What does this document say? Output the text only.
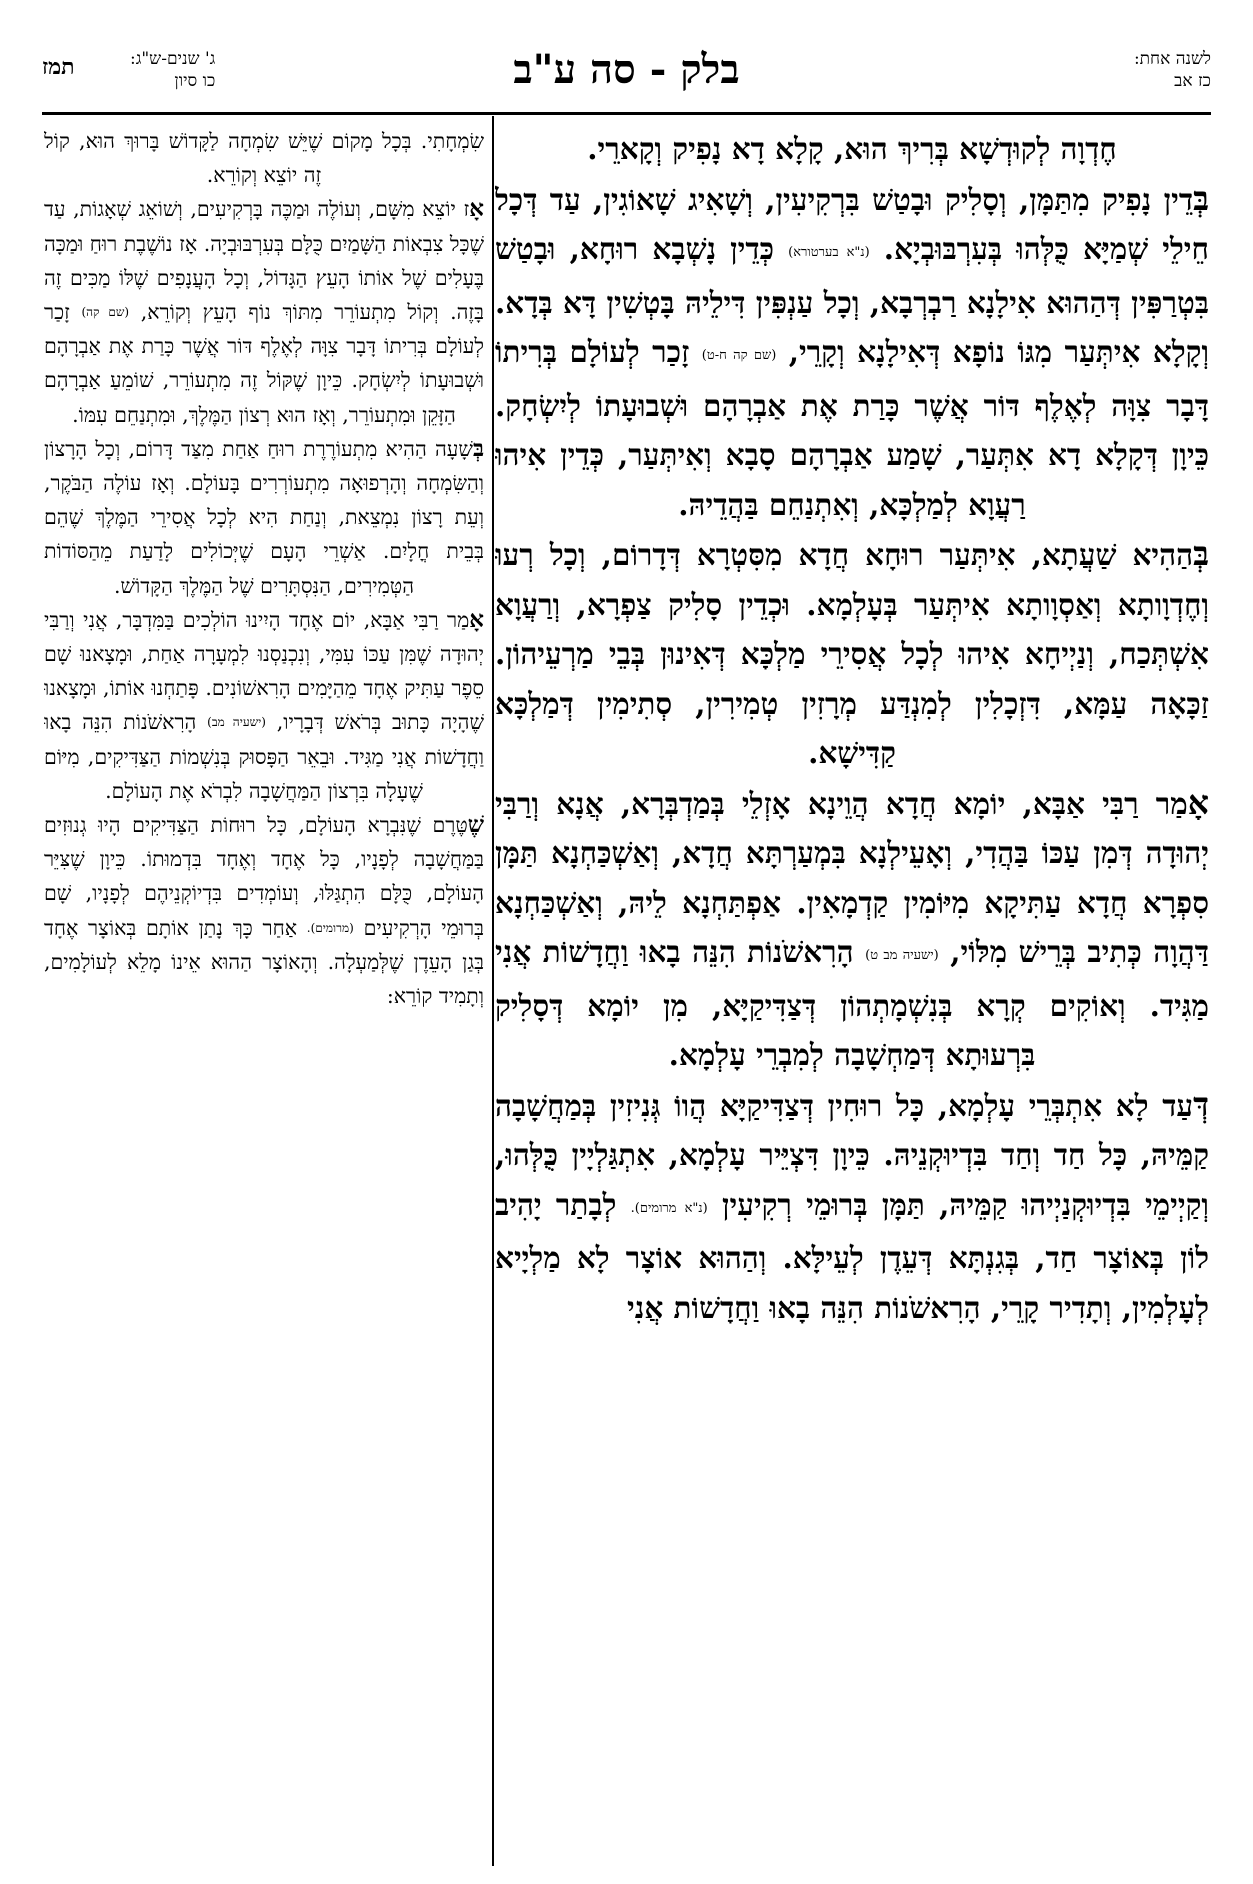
לשנה אחת:
כז אב
בלק - סה ע"ב
ג' שנים-ש"ג:
כו סיון
תמז

חֶדְוָה לְקוּדְשָׁא בְּרִיךְ הוּא, קָלָא דָא נָפִיק וְקָארֵי.

בְּדֵין נָפִיק מִתַּמָּן, וְסָלִיק וּבָטַשׁ בִּרְקִיעִין, וְשָׁאִיג שָׁאוֹגִין, עַד דְּכָל חֵילֵי שְׁמַיָּא כֻּלְּהוּ בְּעִרְבּוּבְיָא. (נ"א בערטורא) כְּדֵין נָשְׁבָא רוּחָא, וּבָטַשׁ בִּטְרַפִּין דְּהַהוּא אִילָנָא רַבְרְבָא, וְכָל עַנְפִּין דִּילֵיהּ בָּטְשִׁין דָּא בְּדָא. וְקָלָא אִיתְּעַר מִגּוֹ נוֹפָא דְּאִילָנָא וְקָרֵי, (שם קה ח-ט) זָכַר לְעוֹלָם בְּרִיתוֹ דָּבָר צִוָּה לְאֶלֶף דּוֹר אֲשֶׁר כָּרַת אֶת אַבְרָהָם וּשְׁבוּעָתוֹ לְיִשְׂחָק. כֵּיוָן דְּקָלָא דָא אִתְּעַר, שָׁמַע אַבְרָהָם סָבָא וְאִיתְּעַר, כְּדֵין אִיהוּ רַעֲוָא לְמַלְכָּא, וְאִתְנַחֵם בַּהֲדֵיהּ.

בְּהַהִיא שַׁעֲתָא, אִיתְּעַר רוּחָא חֲדָא מִסִּטְרָא דְּדָרוֹם, וְכָל רְעוּ וְחֶדְוָותָא וְאַסְוָותָא אִיתְּעַר בְּעָלְמָא. וּכְדֵין סָלִיק צַפְרָא, וְרַעֲוָא אִשְׁתְּכַח, וְנַיְיחָא אִיהוּ לְכָל אֲסִירֵי מַלְכָּא דְּאִינוּן בְּבֵי מַרְעֵיהוֹן. זַכָּאָה עַמָּא, דִּזְכָלִין לְמִנְדַּע מְרָזִין טְמִירִין, סְתִימִין דְּמַלְכָּא קַדִּישָׁא.

אָמַר רַבִּי אַבָּא, יוֹמָא חֲדָא הֲוֵינָא אָזְלֵי בְּמַדְבְּרָא, אֲנָא וְרַבִּי יְהוּדָה דְּמִן עַכּוֹ בַּהֲדִי, וְאָעֵילְנָא בִּמְעַרְתָּא חֲדָא, וְאַשְׁכַּחְנָא תַּמָּן סִפְרָא חֲדָא עַתִּיקָא מִיּוֹמִין קַדְמָאִין. אַפְתַּחְנָא לֵיהּ, וְאַשְׁכַּחְנָא דַּהֲוָה כְּתִיב בְּרֵישׁ מִלּוֹי, (ישעיה מב ט) הָרִאשֹׁנוֹת הִנֵּה בָאוּ וַחֲדָשׁוֹת אֲנִי מַגִּיד. וְאוֹקִים קְרָא בְּנִשְׁמָתְהוֹן דְּצַדִּיקַיָּא, מִן יוֹמָא דְּסָלִיק בִּרְעוּתָא דְּמַחְשָׁבָה לְמִבְרֵי עָלְמָא.

דְּעַד לָא אִתְבְּרֵי עָלְמָא, כָּל רוּחִין דְּצַדִּיקַיָּא הֲווֹ גְּנִיזִין בְּמַחֲשָׁבָה קַמֵּיהּ, כָּל חַד וְחַד בִּדְיוּקְנֵיהּ. כֵּיוָן דִּצְיֵּיר עָלְמָא, אִתְגַּלְיָין כֻּלְּהוּ, וְקַיְימֵי בִּדְיוּקְנַיְיהוּ קַמֵּיהּ, תַּמָּן בְּרוּמֵי רְקִיעִין (נ"א מרומים). לְבָתַר יָהִיב לוֹן בְּאוֹצָר חַד, בְּגִנְתָּא דְּעֵדֶן לְעֵילָּא. וְהַהוּא אוֹצָר לָא מַלְיָיא לְעָלְמִין, וְתָדִיר קָרֵי, הָרִאשֹׁנוֹת הִנֵּה בָאוּ וַחֲדָשׁוֹת אֲנִי

שִׂמְחָתִי. בְּכָל מָקוֹם שֶׁיֵּשׁ שִׂמְחָה לַקָּדוֹשׁ בָּרוּךְ הוּא, קוֹל זֶה יוֹצֵא וְקוֹרֵא.

אָז יוֹצֵא מִשָּׁם, וְעוֹלֶה וּמַכֶּה בָּרְקִיעִים, וְשׁוֹאֵג שְׁאָגוֹת, עַד שֶׁכָּל צִבְאוֹת הַשָּׁמַיִם כֻּלָּם בְּעִרְבּוּבְיָה. אָז נוֹשֶׁבֶת רוּחַ וּמַכָּה בֶּעָלִים שֶׁל אוֹתוֹ הָעֵץ הַגָּדוֹל, וְכָל הָעֲנָפִים שֶׁלּוֹ מַכִּים זֶה בָּזֶה. וְקוֹל מִתְעוֹרֵר מִתּוֹךְ נוֹף הָעֵץ וְקוֹרֵא, (שם קה) זָכַר לְעוֹלָם בְּרִיתוֹ דָּבָר צִוָּה לְאֶלֶף דּוֹר אֲשֶׁר כָּרַת אֶת אַבְרָהָם וּשְׁבוּעָתוֹ לְיִשְׂחָק. כֵּיוָן שֶׁקּוֹל זֶה מִתְעוֹרֵר, שׁוֹמֵעַ אַבְרָהָם הַזָּקֵן וּמִתְעוֹרֵר, וְאָז הוּא רְצוֹן הַמֶּלֶךְ, וּמִתְנַחֵם עִמּוֹ.

בְּשָׁעָה הַהִיא מִתְעוֹרֶרֶת רוּחַ אַחַת מִצַּד דָּרוֹם, וְכָל הָרָצוֹן וְהַשִּׂמְחָה וְהָרְפוּאָה מִתְעוֹרְרִים בָּעוֹלָם. וְאָז עוֹלֶה הַבֹּקֶר, וְעֵת רָצוֹן נִמְצֵאת, וְנַחַת הִיא לְכָל אֲסִירֵי הַמֶּלֶךְ שֶׁהֵם בְּבֵית חֳלָיִם. אַשְׁרֵי הָעָם שֶׁיְּכוֹלִים לָדַעַת מֵהַסּוֹדוֹת הַטְּמִירִים, הַנִּסְתָּרִים שֶׁל הַמֶּלֶךְ הַקָּדוֹשׁ.

אָמַר רַבִּי אַבָּא, יוֹם אֶחָד הָיִינוּ הוֹלְכִים בַּמִּדְבָּר, אֲנִי וְרַבִּי יְהוּדָה שֶׁמִּן עַכּוֹ עִמִּי, וְנִכְנַסְנוּ לִמְעָרָה אַחַת, וּמָצָאנוּ שָׁם סֵפֶר עַתִּיק אֶחָד מֵהַיָּמִים הָרִאשׁוֹנִים. פָּתַחְנוּ אוֹתוֹ, וּמָצָאנוּ שֶׁהָיָה כָּתוּב בְּרֹאשׁ דְּבָרָיו, (ישעיה מב) הָרִאשֹׁנוֹת הִנֵּה בָאוּ וַחֲדָשׁוֹת אֲנִי מַגִּיד. וּבֵאֵר הַפָּסוּק בְּנִשְׁמוֹת הַצַּדִּיקִים, מִיּוֹם שֶׁעָלָה בִּרְצוֹן הַמַּחֲשָׁבָה לִבְרֹא אֶת הָעוֹלָם.

שֶׁטֶּרֶם שֶׁנִּבְרָא הָעוֹלָם, כָּל רוּחוֹת הַצַּדִּיקִים הָיוּ גְנוּזִים בַּמַּחֲשָׁבָה לְפָנָיו, כָּל אֶחָד וְאֶחָד בִּדְמוּתוֹ. כֵּיוָן שֶׁצִּיֵּר הָעוֹלָם, כֻּלָּם הִתְגַּלּוּ, וְעוֹמְדִים בִּדְיוֹקְנֵיהֶם לְפָנָיו, שָׁם בְּרוּמֵי הָרְקִיעִים (מרומים). אַחַר כָּךְ נָתַן אוֹתָם בְּאוֹצָר אֶחָד בְּגַן הָעֵדֶן שֶׁלְּמַעְלָה. וְהָאוֹצָר הַהוּא אֵינוֹ מָלֵא לְעוֹלָמִים, וְתָמִיד קוֹרֵא:
